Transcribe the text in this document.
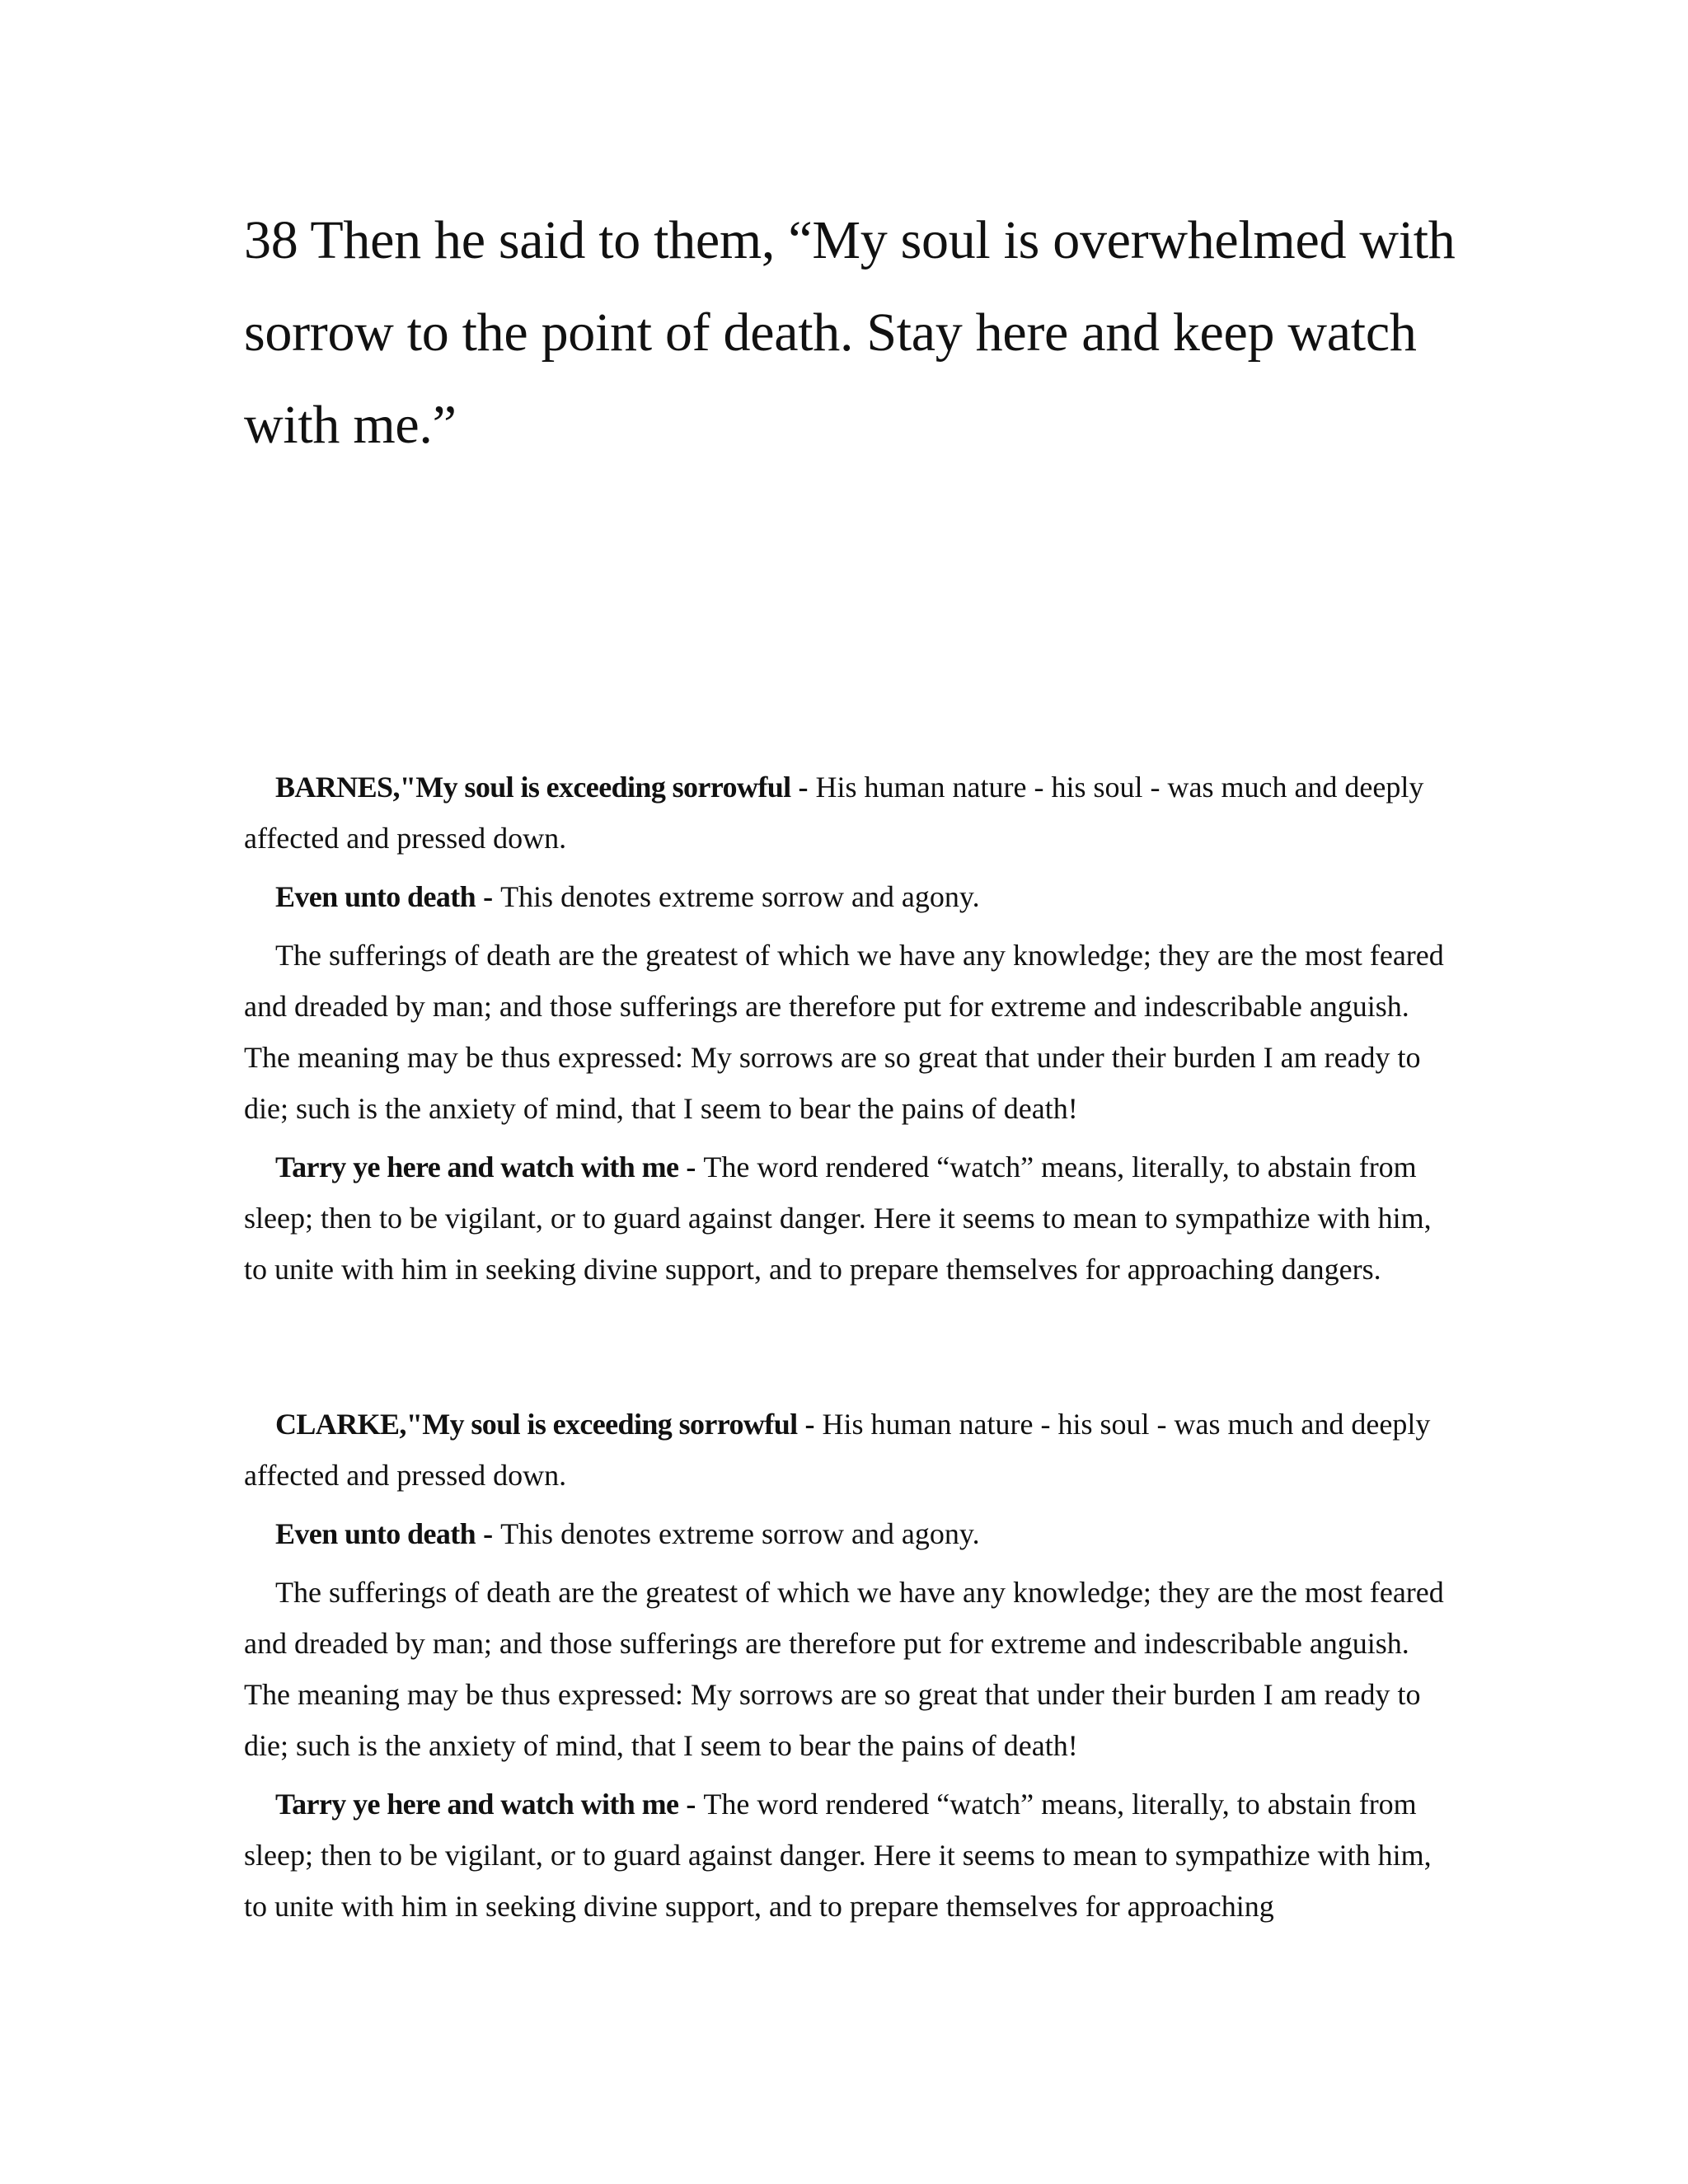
38 Then he said to them, “My soul is overwhelmed with sorrow to the point of death. Stay here and keep watch with me.”

BARNES,"My soul is exceeding sorrowful - His human nature - his soul - was much and deeply affected and pressed down.

Even unto death - This denotes extreme sorrow and agony.

The sufferings of death are the greatest of which we have any knowledge; they are the most feared and dreaded by man; and those sufferings are therefore put for extreme and indescribable anguish. The meaning may be thus expressed: My sorrows are so great that under their burden I am ready to die; such is the anxiety of mind, that I seem to bear the pains of death!

Tarry ye here and watch with me - The word rendered “watch” means, literally, to abstain from sleep; then to be vigilant, or to guard against danger. Here it seems to mean to sympathize with him, to unite with him in seeking divine support, and to prepare themselves for approaching dangers.

CLARKE,"My soul is exceeding sorrowful - His human nature - his soul - was much and deeply affected and pressed down.

Even unto death - This denotes extreme sorrow and agony.

The sufferings of death are the greatest of which we have any knowledge; they are the most feared and dreaded by man; and those sufferings are therefore put for extreme and indescribable anguish. The meaning may be thus expressed: My sorrows are so great that under their burden I am ready to die; such is the anxiety of mind, that I seem to bear the pains of death!

Tarry ye here and watch with me - The word rendered “watch” means, literally, to abstain from sleep; then to be vigilant, or to guard against danger. Here it seems to mean to sympathize with him, to unite with him in seeking divine support, and to prepare themselves for approaching
